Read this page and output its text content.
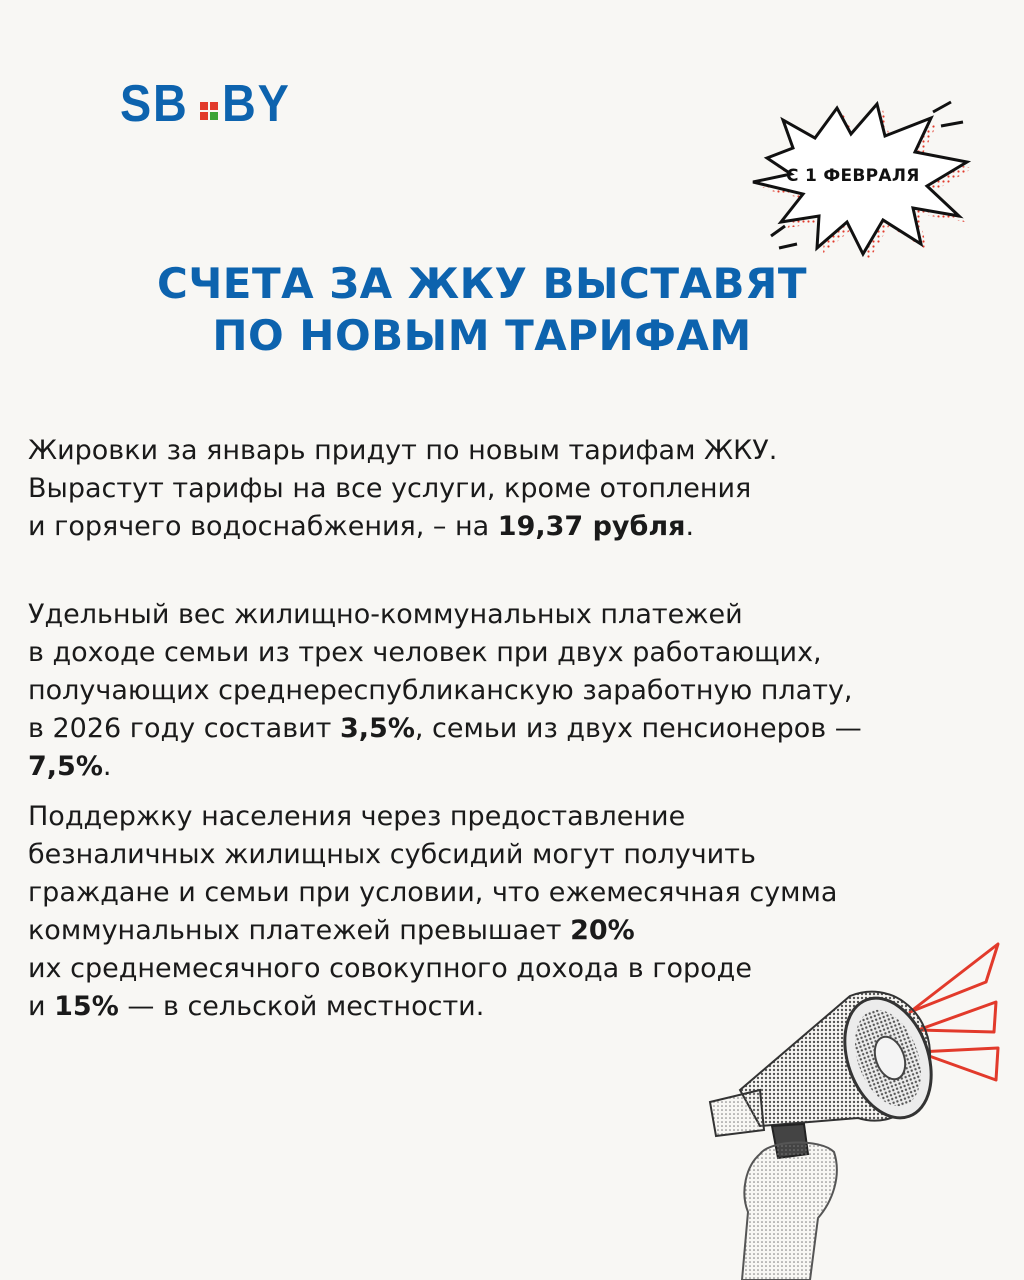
SB BY
С 1 ФЕВРАЛЯ
СЧЕТА ЗА ЖКУ ВЫСТАВЯТ
ПО НОВЫМ ТАРИФАМ
Жировки за январь придут по новым тарифам ЖКУ.
Вырастут тарифы на все услуги, кроме отопления
и горячего водоснабжения, – на 19,37 рубля.
Удельный вес жилищно-коммунальных платежей
в доходе семьи из трех человек при двух работающих,
получающих среднереспубликанскую заработную плату,
в 2026 году составит 3,5%, семьи из двух пенсионеров —
7,5%.
Поддержку населения через предоставление
безналичных жилищных субсидий могут получить
граждане и семьи при условии, что ежемесячная сумма
коммунальных платежей превышает 20%
их среднемесячного совокупного дохода в городе
и 15% — в сельской местности.
